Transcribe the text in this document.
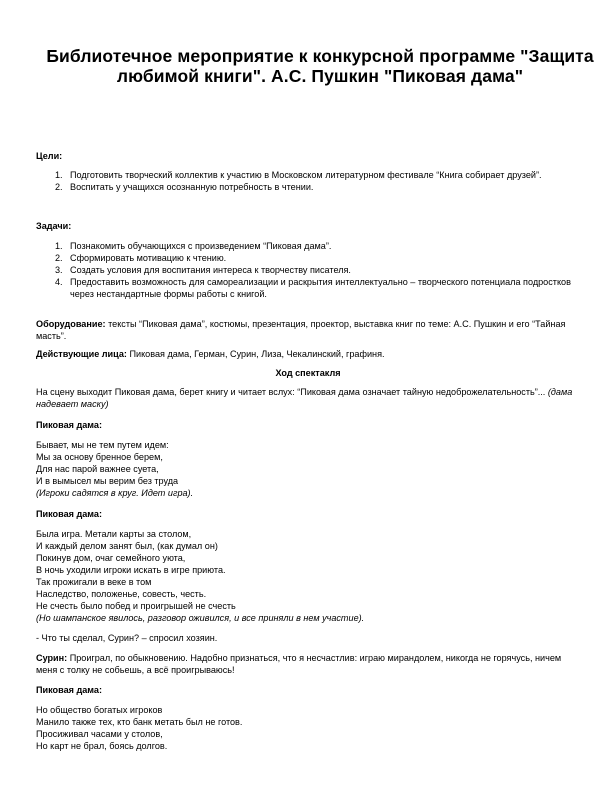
Библиотечное мероприятие к конкурсной программе "Защита любимой книги". А.С. Пушкин "Пиковая дама"

Цели:

1. Подготовить творческий коллектив к участию в Московском литературном фестивале “Книга собирает друзей”.
2. Воспитать у учащихся осознанную потребность в чтении.

Задачи:

1. Познакомить обучающихся с произведением “Пиковая дама”.
2. Сформировать мотивацию к чтению.
3. Создать условия для воспитания интереса к творчеству писателя.
4. Предоставить возможность для самореализации и раскрытия интеллектуально – творческого потенциала подростков через нестандартные формы работы с книгой.

Оборудование: тексты “Пиковая дама”, костюмы, презентация, проектор, выставка книг по теме: А.С. Пушкин и его “Тайная масть”.

Действующие лица: Пиковая дама, Герман, Сурин, Лиза, Чекалинский, графиня.

Ход спектакля

На сцену выходит Пиковая дама, берет книгу и читает вслух: “Пиковая дама означает тайную недоброжелательность”... (дама надевает маску)

Пиковая дама:

Бывает, мы не тем путем идем:

Мы за основу бренное берем,

Для нас парой важнее суета,

И в вымысел мы верим без труда

(Игроки садятся в круг. Идет игра).

Пиковая дама:

Была игра. Метали карты за столом,

И каждый делом занят был, (как думал он)

Покинув дом, очаг семейного уюта,

В ночь уходили игроки искать в игре приюта.

Так прожигали в веке в том

Наследство, положенье, совесть, честь.

Не счесть было побед и проигрышей не счесть

(Но шампанское явилось, разговор оживился, и все приняли в нем участие).

- Что ты сделал, Сурин? – спросил хозяин.

Сурин: Проиграл, по обыкновению. Надобно признаться, что я несчастлив: играю мирандолем, никогда не горячусь, ничем меня с толку не собьешь, а всё проигрываюсь!

Пиковая дама:

Но общество богатых игроков

Манило также тех, кто банк метать был не готов.

Просиживал часами у столов,

Но карт не брал, боясь долгов.
